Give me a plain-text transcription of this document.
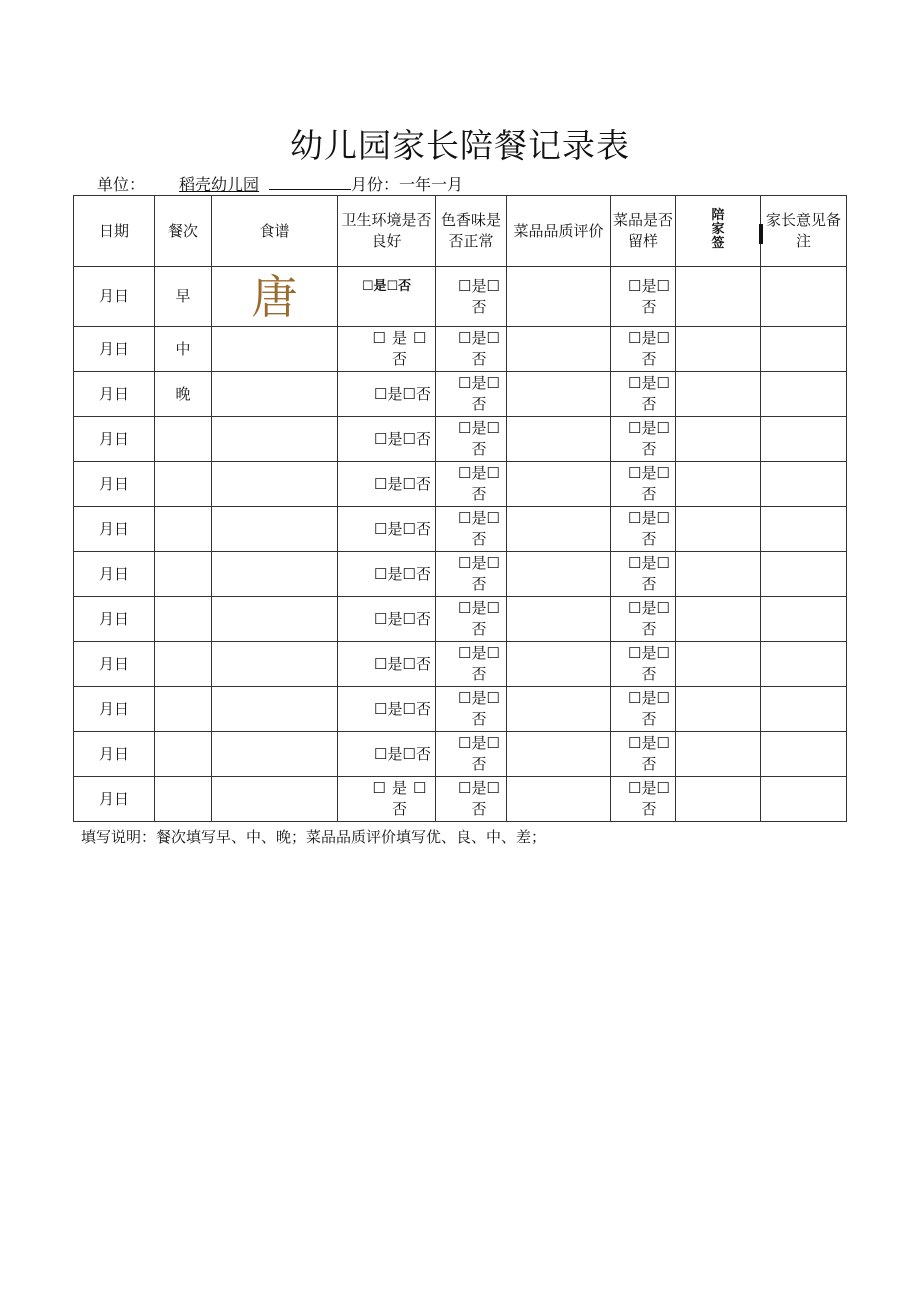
幼儿园家长陪餐记录表
单位： 稻壳幼儿园	月份：一年一月
日期	餐次	食谱	卫生环境是否良好	色香味是否正常	菜品品质评价	菜品是否留样	陪家签	家长意见备注
月日	早	唐	☐是☐否	☐是☐否		☐是☐否		
月日	中		☐是☐否	☐是☐否		☐是☐否		
月日	晚		☐是☐否	☐是☐否		☐是☐否		
月日			☐是☐否	☐是☐否		☐是☐否		
月日			☐是☐否	☐是☐否		☐是☐否		
月日			☐是☐否	☐是☐否		☐是☐否		
月日			☐是☐否	☐是☐否		☐是☐否		
月日			☐是☐否	☐是☐否		☐是☐否		
月日			☐是☐否	☐是☐否		☐是☐否		
月日			☐是☐否	☐是☐否		☐是☐否		
月日			☐是☐否	☐是☐否		☐是☐否		
月日			☐是☐否	☐是☐否		☐是☐否		
填写说明：餐次填写早、中、晚；菜品品质评价填写优、良、中、差；
